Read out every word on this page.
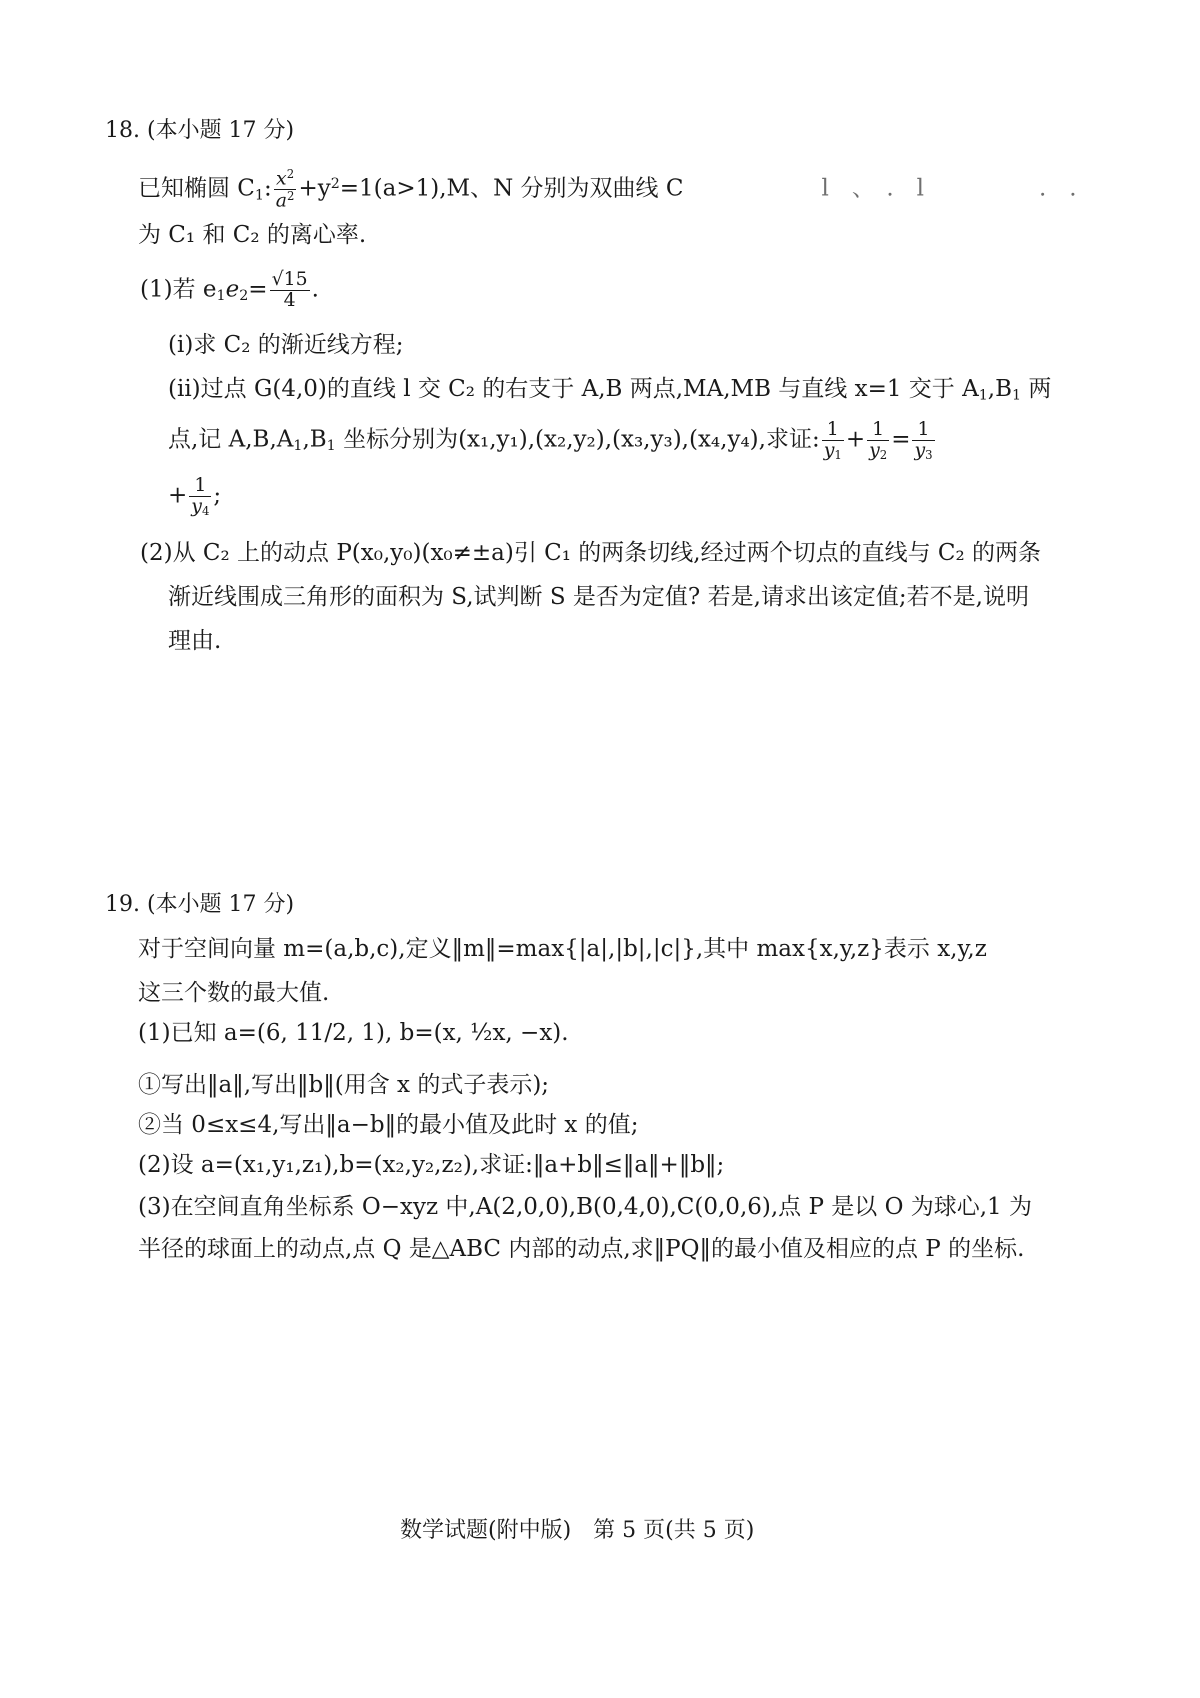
18. (本小题 17 分)
已知椭圆 $C_1$: $\frac{x^2}{a^2} +y^2=1(a>1),M$、N 分别为双曲线 C　　　　　　l　、　.　l　　　　　.　.
为 C₁ 和 C₂ 的离心率.
(1)若 $e_1e_2= \frac{√15}{4}$ .
(ⅰ)求 C₂ 的渐近线方程;
(ⅱ)过点 G(4,0)的直线 l 交 C₂ 的右支于 A,B 两点,MA,MB 与直线 x=1 交于 $A_1,B_1$ 两
点,记 $A,B,A_1,B_1$ 坐标分别为(x₁,y₁),(x₂,y₂),(x₃,y₃),(x₄,y₄),求证: $\frac{1}{y_1} + \frac{1}{y_2} = \frac{1}{y_3}$
+ $\frac{1}{y_4}$ ;
(2)从 C₂ 上的动点 P(x₀,y₀)(x₀≠±a)引 C₁ 的两条切线,经过两个切点的直线与 C₂ 的两条
渐近线围成三角形的面积为 S,试判断 S 是否为定值? 若是,请求出该定值;若不是,说明
理由.
19. (本小题 17 分)
对于空间向量 m=(a,b,c),定义‖m‖=max{|a|,|b|,|c|},其中 max{x,y,z}表示 x,y,z
这三个数的最大值.
(1)已知 a=(6, 11/2, 1), b=(x, ½x, −x).
①写出‖a‖,写出‖b‖(用含 x 的式子表示);
②当 0≤x≤4,写出‖a−b‖的最小值及此时 x 的值;
(2)设 a=(x₁,y₁,z₁),b=(x₂,y₂,z₂),求证:‖a+b‖≤‖a‖+‖b‖;
(3)在空间直角坐标系 O−xyz 中,A(2,0,0),B(0,4,0),C(0,0,6),点 P 是以 O 为球心,1 为
半径的球面上的动点,点 Q 是△ABC 内部的动点,求‖PQ‖的最小值及相应的点 P 的坐标.
数学试题(附中版)　第 5 页(共 5 页)
